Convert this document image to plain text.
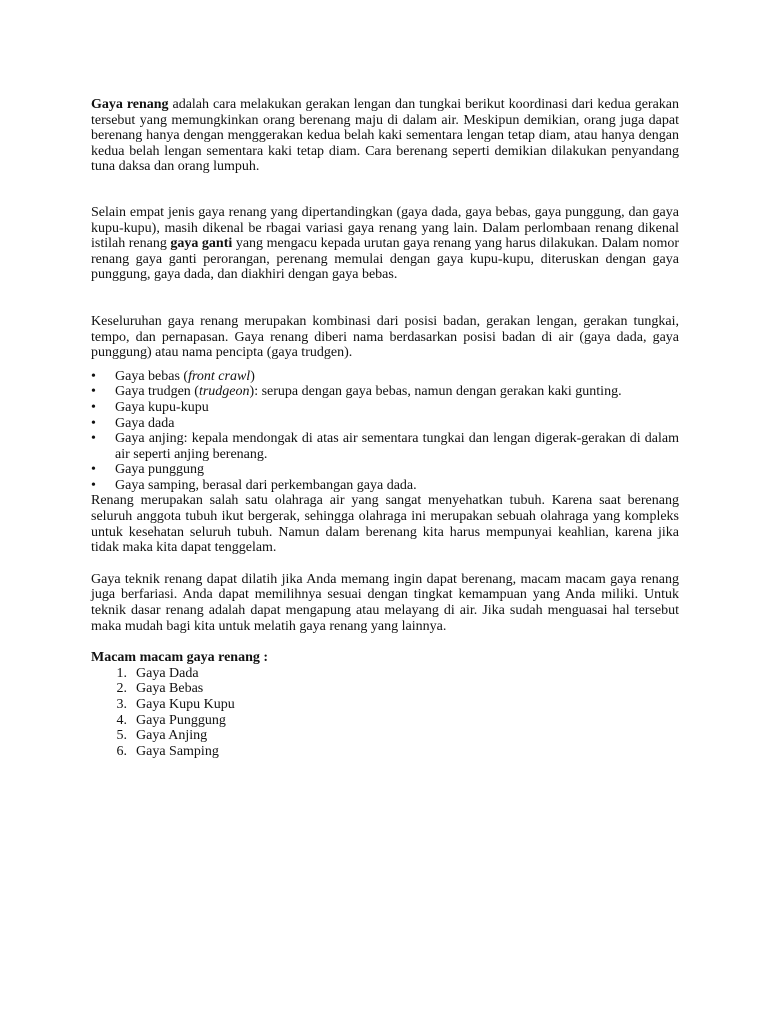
Gaya renang adalah cara melakukan gerakan lengan dan tungkai berikut koordinasi dari kedua gerakan tersebut yang memungkinkan orang berenang maju di dalam air. Meskipun demikian, orang juga dapat berenang hanya dengan menggerakan kedua belah kaki sementara lengan tetap diam, atau hanya dengan kedua belah lengan sementara kaki tetap diam. Cara berenang seperti demikian dilakukan penyandang tuna daksa dan orang lumpuh.

Selain empat jenis gaya renang yang dipertandingkan (gaya dada, gaya bebas, gaya punggung, dan gaya kupu-kupu), masih dikenal be rbagai variasi gaya renang yang lain. Dalam perlombaan renang dikenal istilah renang gaya ganti yang mengacu kepada urutan gaya renang yang harus dilakukan. Dalam nomor renang gaya ganti perorangan, perenang memulai dengan gaya kupu-kupu, diteruskan dengan gaya punggung, gaya dada, dan diakhiri dengan gaya bebas.

Keseluruhan gaya renang merupakan kombinasi dari posisi badan, gerakan lengan, gerakan tungkai, tempo, dan pernapasan. Gaya renang diberi nama berdasarkan posisi badan di air (gaya dada, gaya punggung) atau nama pencipta (gaya trudgen).

• Gaya bebas (front crawl)
• Gaya trudgen (trudgeon): serupa dengan gaya bebas, namun dengan gerakan kaki gunting.
• Gaya kupu-kupu
• Gaya dada
• Gaya anjing: kepala mendongak di atas air sementara tungkai dan lengan digerak-gerakan di dalam air seperti anjing berenang.
• Gaya punggung
• Gaya samping, berasal dari perkembangan gaya dada.

Renang merupakan salah satu olahraga air yang sangat menyehatkan tubuh. Karena saat berenang seluruh anggota tubuh ikut bergerak, sehingga olahraga ini merupakan sebuah olahraga yang kompleks untuk kesehatan seluruh tubuh. Namun dalam berenang kita harus mempunyai keahlian, karena jika tidak maka kita dapat tenggelam.

Gaya teknik renang dapat dilatih jika Anda memang ingin dapat berenang, macam macam gaya renang juga berfariasi. Anda dapat memilihnya sesuai dengan tingkat kemampuan yang Anda miliki. Untuk teknik dasar renang adalah dapat mengapung atau melayang di air. Jika sudah menguasai hal tersebut maka mudah bagi kita untuk melatih gaya renang yang lainnya.

Macam macam gaya renang :
1. Gaya Dada
2. Gaya Bebas
3. Gaya Kupu Kupu
4. Gaya Punggung
5. Gaya Anjing
6. Gaya Samping
